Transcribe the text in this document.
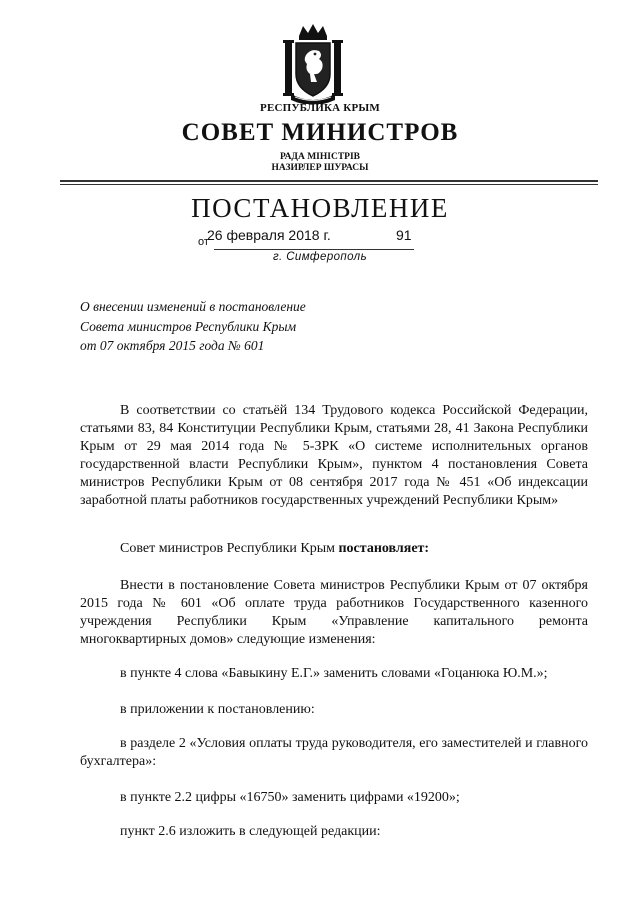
РЕСПУБЛИКА КРЫМ
СОВЕТ МИНИСТРОВ
РАДА МІНІСТРІВ
НАЗИРЛЕР ШУРАСЫ
ПОСТАНОВЛЕНИЕ
от
26 февраля 2018 г.	91
г. Симферополь
О внесении изменений в постановление
Совета министров Республики Крым
от 07 октября 2015 года № 601
В соответствии со статьёй 134 Трудового кодекса Российской Федерации, статьями 83, 84 Конституции Республики Крым, статьями 28, 41 Закона Республики Крым от 29 мая 2014 года № 5-ЗРК «О системе исполнительных органов государственной власти Республики Крым», пунктом 4 постановления Совета министров Республики Крым от 08 сентября 2017 года № 451 «Об индексации заработной платы работников государственных учреждений Республики Крым»
Совет министров Республики Крым постановляет:
Внести в постановление Совета министров Республики Крым от 07 октября 2015 года № 601 «Об оплате труда работников Государственного казенного учреждения Республики Крым «Управление капитального ремонта многоквартирных домов» следующие изменения:
в пункте 4 слова «Бавыкину Е.Г.» заменить словами «Гоцанюка Ю.М.»;
в приложении к постановлению:
в разделе 2 «Условия оплаты труда руководителя, его заместителей и главного бухгалтера»:
в пункте 2.2 цифры «16750» заменить цифрами «19200»;
пункт 2.6 изложить в следующей редакции:
